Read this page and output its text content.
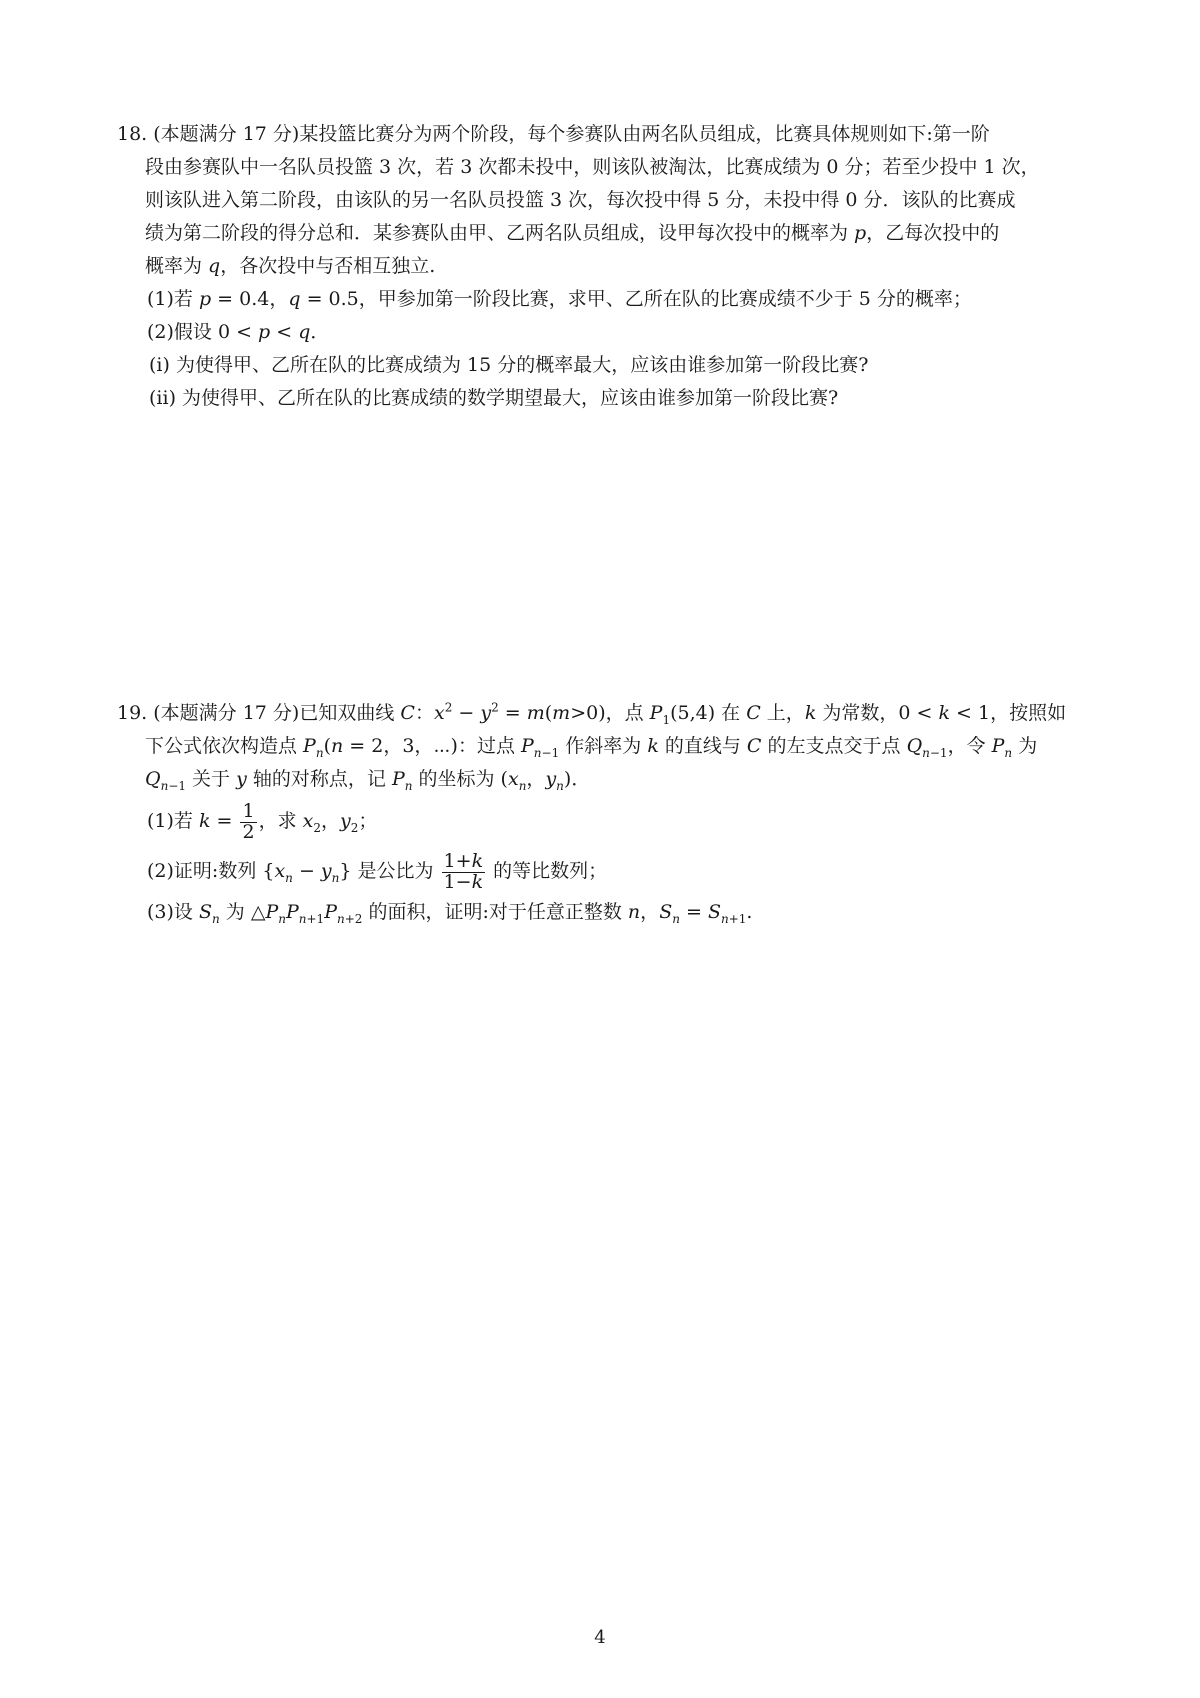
18. (本题满分 17 分)某投篮比赛分为两个阶段，每个参赛队由两名队员组成，比赛具体规则如下:第一阶
段由参赛队中一名队员投篮 3 次，若 3 次都未投中，则该队被淘汰，比赛成绩为 0 分；若至少投中 1 次，
则该队进入第二阶段，由该队的另一名队员投篮 3 次，每次投中得 5 分，未投中得 0 分．该队的比赛成
绩为第二阶段的得分总和．某参赛队由甲、乙两名队员组成，设甲每次投中的概率为 p，乙每次投中的
概率为 q，各次投中与否相互独立.
(1)若 p = 0.4，q = 0.5，甲参加第一阶段比赛，求甲、乙所在队的比赛成绩不少于 5 分的概率；
(2)假设 0 < p < q．
(i) 为使得甲、乙所在队的比赛成绩为 15 分的概率最大，应该由谁参加第一阶段比赛?
(ii) 为使得甲、乙所在队的比赛成绩的数学期望最大，应该由谁参加第一阶段比赛?
19. (本题满分 17 分)已知双曲线 C：$x^2 - y^2 = m(m>0)$，点 $P_1(5,4)$ 在 C 上，k 为常数，0 < k < 1，按照如
下公式依次构造点 $P_n(n = 2$，3，⋯)：过点 $P_{n-1}$ 作斜率为 k 的直线与 C 的左支点交于点 $Q_{n-1}$，令 $P_n$ 为
$Q_{n-1}$ 关于 y 轴的对称点，记 $P_n$ 的坐标为 ($x_n$，$y_n$)．
(1)若 $k = \frac{1}{2}$ ，求 $x_2$，$y_2$；
(2)证明:数列 $\{x_n - y_n\}$ 是公比为 $\frac{1+k}{1-k}$ 的等比数列；
(3)设 $S_n$ 为 $\triangle P_nP_{n+1}P_{n+2}$ 的面积，证明:对于任意正整数 n，$S_n = S_{n+1}$.
4
